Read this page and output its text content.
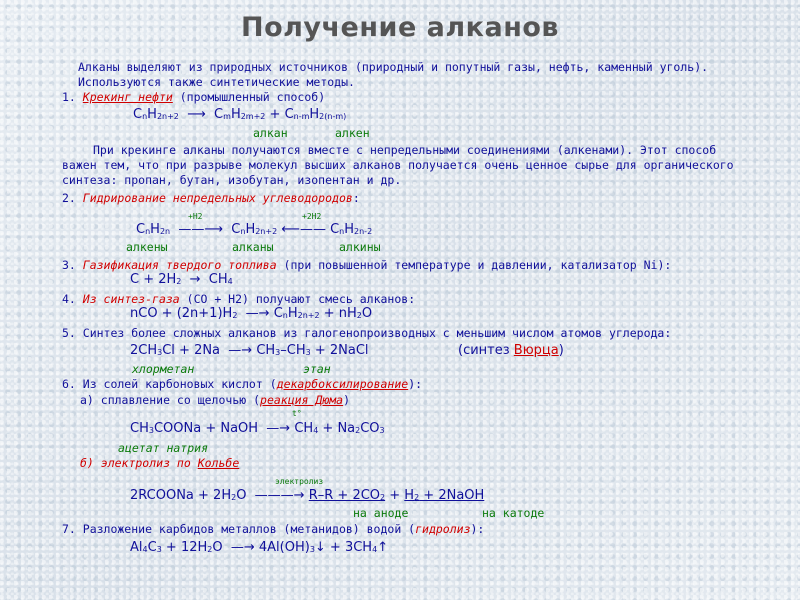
Получение алканов
Алканы выделяют из природных источников (природный и попутный газы, нефть, каменный уголь).
Используются также синтетические методы.
1. Крекинг нефти (промышленный способ)
CnH2n+2  ⟶  CmH2m+2 + Cn-mH2(n-m)
алкан	алкен
При крекинге алканы получаются вместе с непредельными соединениями (алкенами). Этот способ
важен тем, что при разрыве молекул высших алканов получается очень ценное сырье для органического
синтеза: пропан, бутан, изобутан, изопентан и др.
2. Гидрирование непредельных углеводородов:
+H2	+2H2
CnH2n  ——⟶  CnH2n+2 ⟵—— CnH2n-2
алкены	алканы	алкины
3. Газификация твердого топлива (при повышенной температуре и давлении, катализатор Ni):
C + 2H2  →  CH4
4. Из синтез-газа (CO + H2) получают смесь алканов:
nCO + (2n+1)H2  —→ CnH2n+2 + nH2O
5. Синтез более сложных алканов из галогенопроизводных с меньшим числом атомов углерода:
2CH3Cl + 2Na  —→ CH3–CH3 + 2NaCl	(синтез Вюрца)
хлорметан	этан
6. Из солей карбоновых кислот (декарбоксилирование):
а) сплавление со щелочью (реакция Дюма)
t°
CH3COONa + NaOH  —→ CH4 + Na2CO3
ацетат натрия
б) электролиз по Кольбе
электролиз
2RCOONa + 2H2O  ———→ R–R + 2CO2 + H2 + 2NaOH
на аноде	на катоде
7. Разложение карбидов металлов (метанидов) водой (гидролиз):
Al4C3 + 12H2O  —→ 4Al(OH)3↓ + 3CH4↑
